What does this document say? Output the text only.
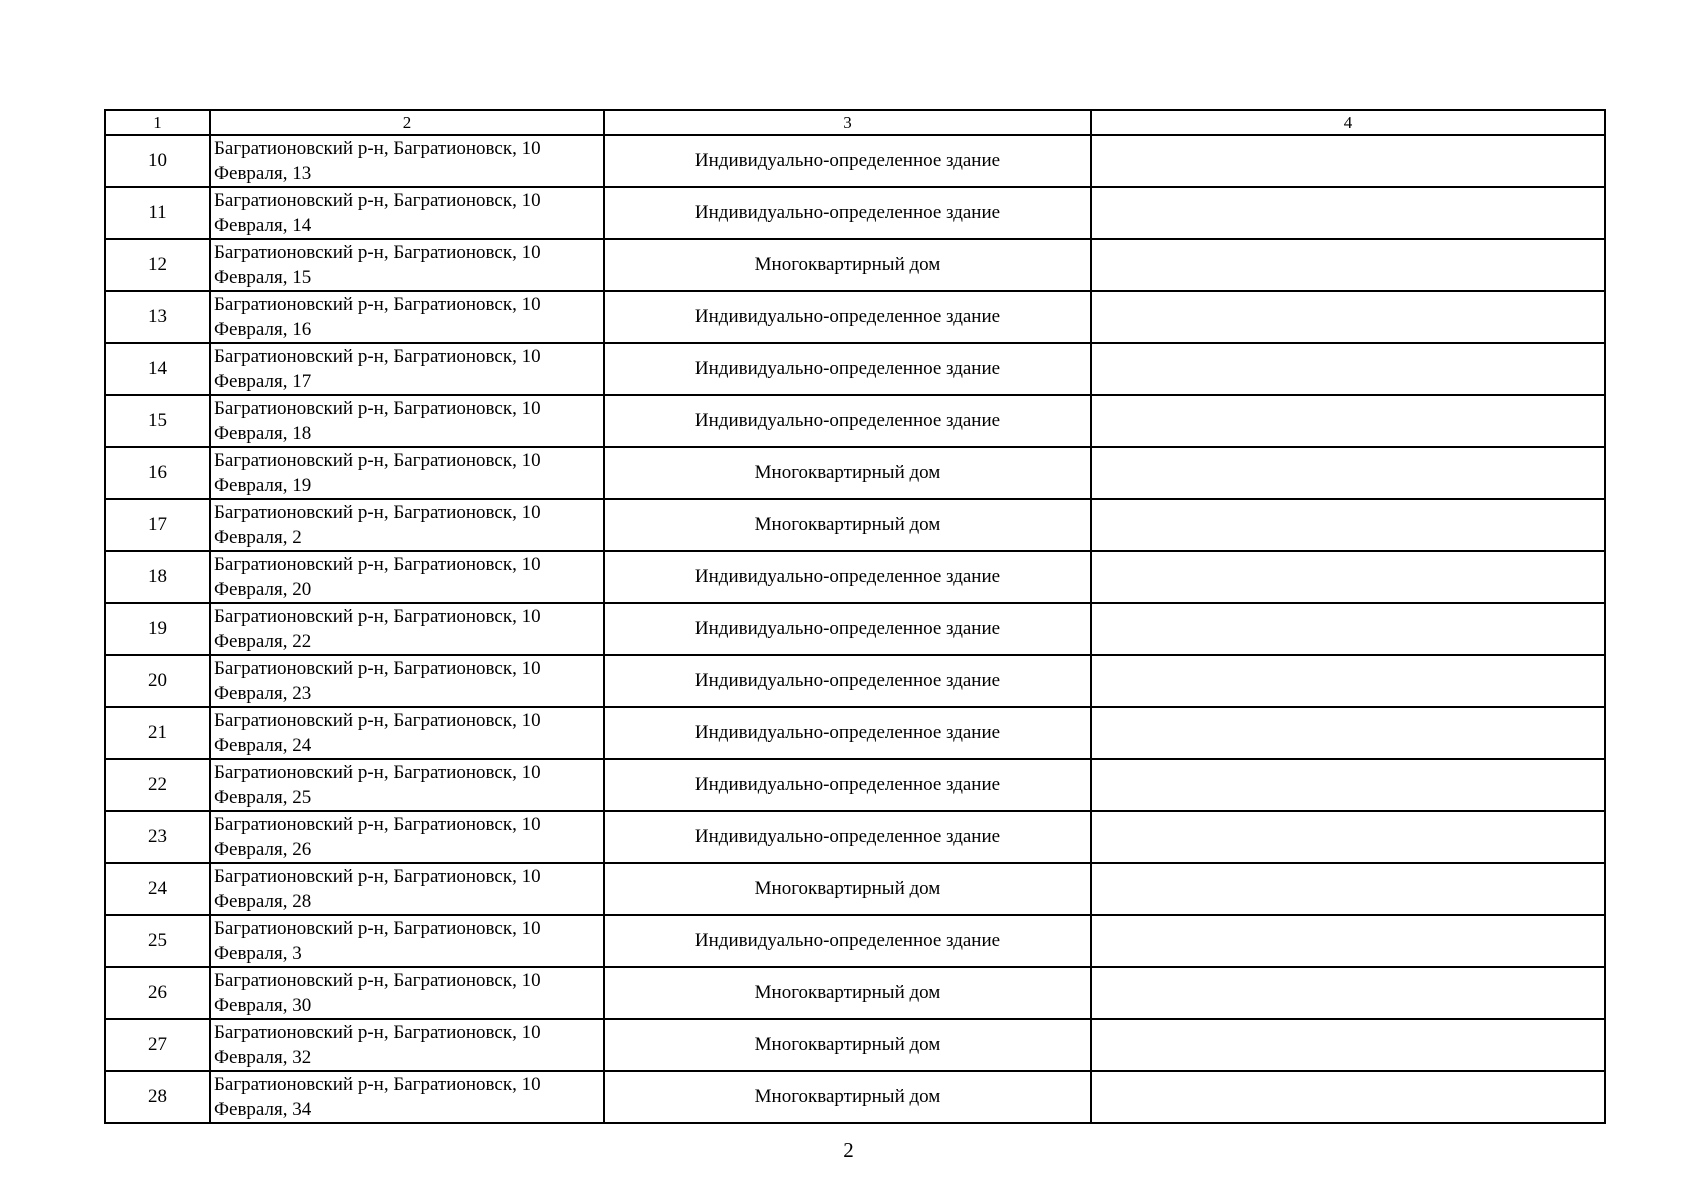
1	2	3	4
10	Багратионовский р-н, Багратионовск, 10 Февраля, 13	Индивидуально-определенное здание	
11	Багратионовский р-н, Багратионовск, 10 Февраля, 14	Индивидуально-определенное здание	
12	Багратионовский р-н, Багратионовск, 10 Февраля, 15	Многоквартирный дом	
13	Багратионовский р-н, Багратионовск, 10 Февраля, 16	Индивидуально-определенное здание	
14	Багратионовский р-н, Багратионовск, 10 Февраля, 17	Индивидуально-определенное здание	
15	Багратионовский р-н, Багратионовск, 10 Февраля, 18	Индивидуально-определенное здание	
16	Багратионовский р-н, Багратионовск, 10 Февраля, 19	Многоквартирный дом	
17	Багратионовский р-н, Багратионовск, 10 Февраля, 2	Многоквартирный дом	
18	Багратионовский р-н, Багратионовск, 10 Февраля, 20	Индивидуально-определенное здание	
19	Багратионовский р-н, Багратионовск, 10 Февраля, 22	Индивидуально-определенное здание	
20	Багратионовский р-н, Багратионовск, 10 Февраля, 23	Индивидуально-определенное здание	
21	Багратионовский р-н, Багратионовск, 10 Февраля, 24	Индивидуально-определенное здание	
22	Багратионовский р-н, Багратионовск, 10 Февраля, 25	Индивидуально-определенное здание	
23	Багратионовский р-н, Багратионовск, 10 Февраля, 26	Индивидуально-определенное здание	
24	Багратионовский р-н, Багратионовск, 10 Февраля, 28	Многоквартирный дом	
25	Багратионовский р-н, Багратионовск, 10 Февраля, 3	Индивидуально-определенное здание	
26	Багратионовский р-н, Багратионовск, 10 Февраля, 30	Многоквартирный дом	
27	Багратионовский р-н, Багратионовск, 10 Февраля, 32	Многоквартирный дом	
28	Багратионовский р-н, Багратионовск, 10 Февраля, 34	Многоквартирный дом	
2
